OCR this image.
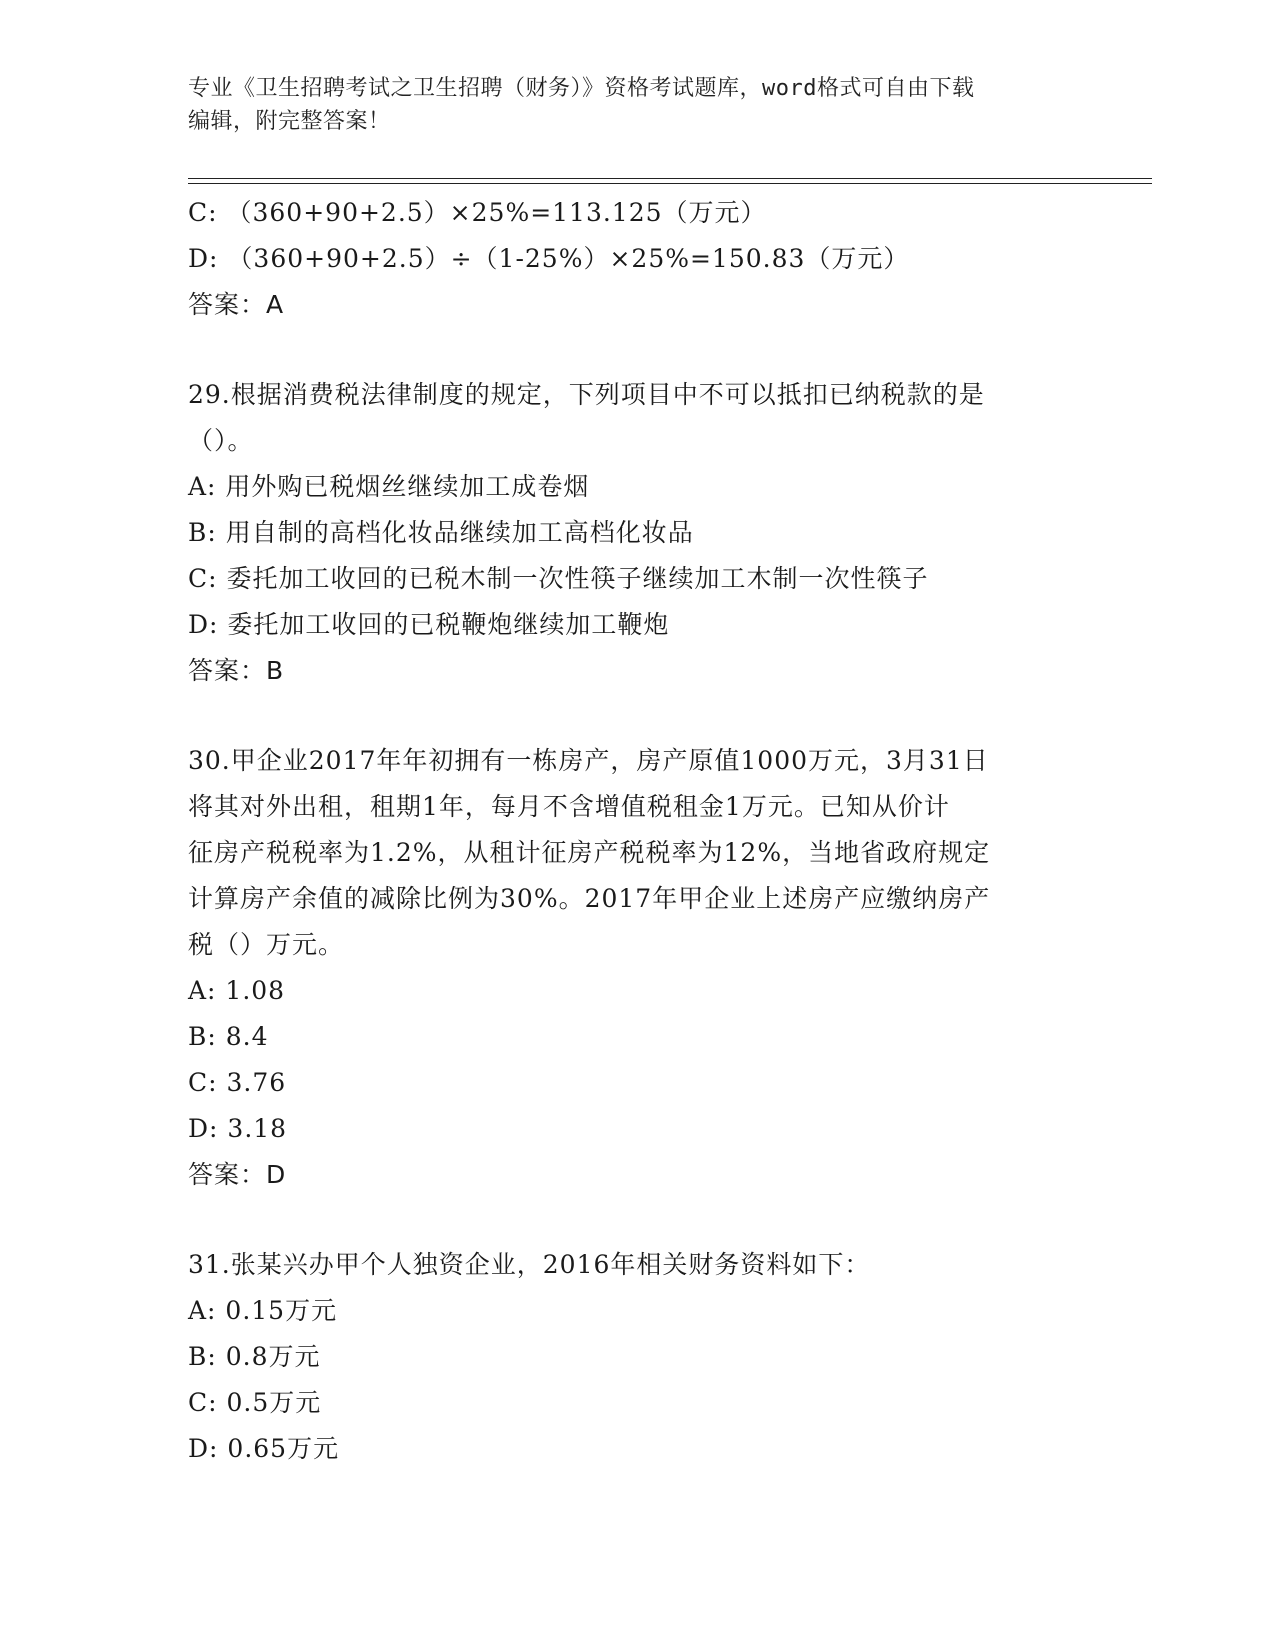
专业《卫生招聘考试之卫生招聘（财务）》资格考试题库，word格式可自由下载
编辑，附完整答案！
C: （360+90+2.5）×25%=113.125（万元）
D: （360+90+2.5）÷（1-25%）×25%=150.83（万元）
答案：A
29.根据消费税法律制度的规定，下列项目中不可以抵扣已纳税款的是
（）。
A: 用外购已税烟丝继续加工成卷烟
B: 用自制的高档化妆品继续加工高档化妆品
C: 委托加工收回的已税木制一次性筷子继续加工木制一次性筷子
D: 委托加工收回的已税鞭炮继续加工鞭炮
答案：B
30.甲企业2017年年初拥有一栋房产，房产原值1000万元，3月31日
将其对外出租，租期1年，每月不含增值税租金1万元。已知从价计
征房产税税率为1.2%，从租计征房产税税率为12%，当地省政府规定
计算房产余值的减除比例为30%。2017年甲企业上述房产应缴纳房产
税（）万元。
A: 1.08
B: 8.4
C: 3.76
D: 3.18
答案：D
31.张某兴办甲个人独资企业，2016年相关财务资料如下：
A: 0.15万元
B: 0.8万元
C: 0.5万元
D: 0.65万元
